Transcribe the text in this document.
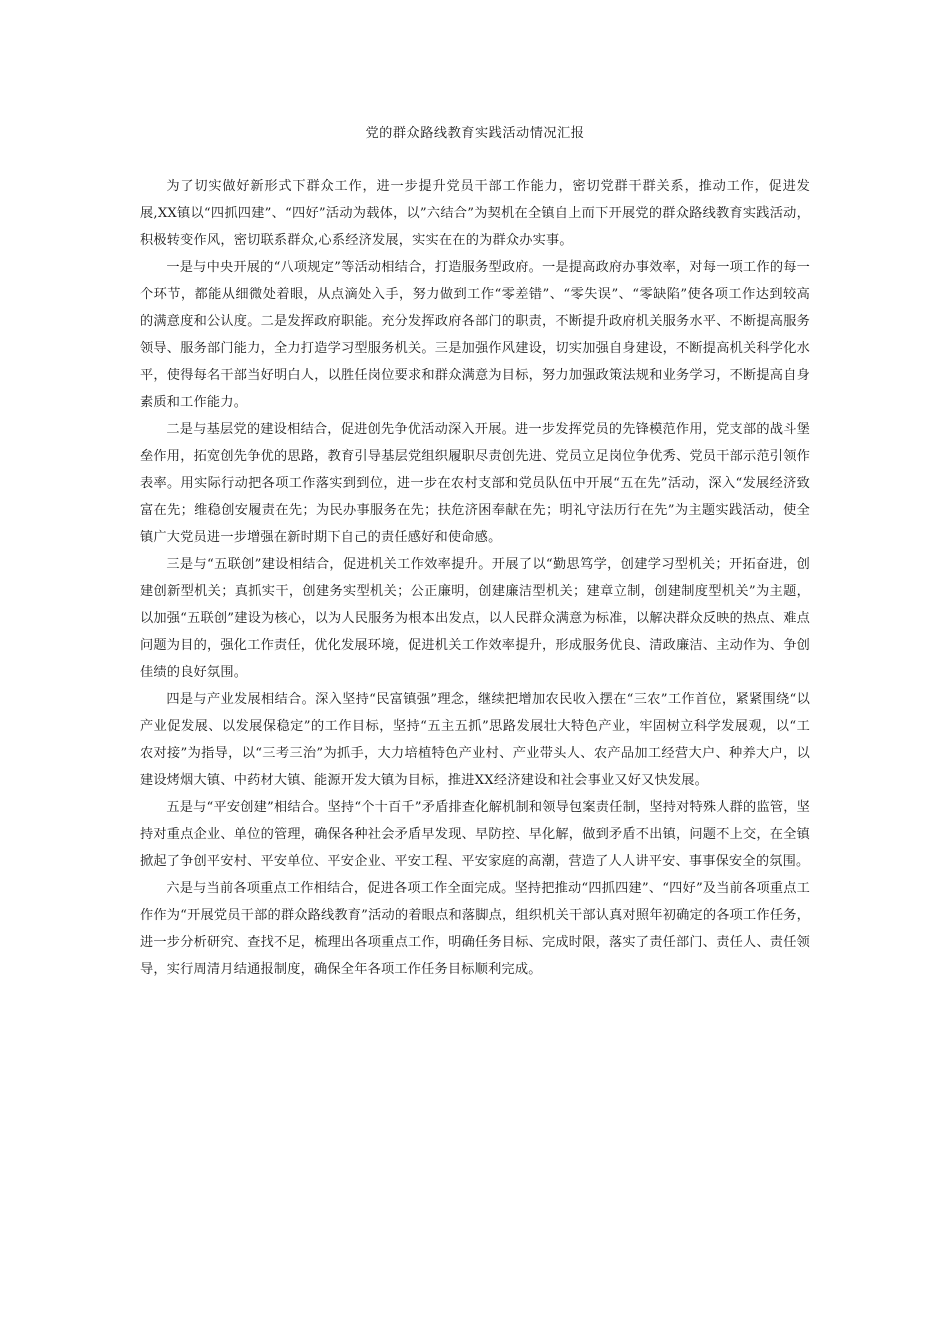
党的群众路线教育实践活动情况汇报

为了切实做好新形式下群众工作，进一步提升党员干部工作能力，密切党群干群关系，推动工作，促进发展,XX镇以“四抓四建”、“四好”活动为载体，以”六结合”为契机在全镇自上而下开展党的群众路线教育实践活动，积极转变作风，密切联系群众,心系经济发展，实实在在的为群众办实事。

一是与中央开展的“八项规定”等活动相结合，打造服务型政府。一是提高政府办事效率，对每一项工作的每一个环节，都能从细微处着眼，从点滴处入手，努力做到工作“零差错”、“零失误”、“零缺陷”使各项工作达到较高的满意度和公认度。二是发挥政府职能。充分发挥政府各部门的职责，不断提升政府机关服务水平、不断提高服务领导、服务部门能力，全力打造学习型服务机关。三是加强作风建设，切实加强自身建设，不断提高机关科学化水平，使得每名干部当好明白人，以胜任岗位要求和群众满意为目标，努力加强政策法规和业务学习，不断提高自身素质和工作能力。

二是与基层党的建设相结合，促进创先争优活动深入开展。进一步发挥党员的先锋模范作用，党支部的战斗堡垒作用，拓宽创先争优的思路，教育引导基层党组织履职尽责创先进、党员立足岗位争优秀、党员干部示范引领作表率。用实际行动把各项工作落实到到位，进一步在农村支部和党员队伍中开展“五在先”活动，深入“发展经济致富在先；维稳创安履责在先；为民办事服务在先；扶危济困奉献在先；明礼守法历行在先”为主题实践活动，使全镇广大党员进一步增强在新时期下自己的责任感好和使命感。

三是与“五联创”建设相结合，促进机关工作效率提升。开展了以“勤思笃学，创建学习型机关；开拓奋进，创建创新型机关；真抓实干，创建务实型机关；公正廉明，创建廉洁型机关；建章立制，创建制度型机关”为主题，以加强“五联创”建设为核心，以为人民服务为根本出发点，以人民群众满意为标准，以解决群众反映的热点、难点问题为目的，强化工作责任，优化发展环境，促进机关工作效率提升，形成服务优良、清政廉洁、主动作为、争创佳绩的良好氛围。

四是与产业发展相结合。深入坚持“民富镇强”理念，继续把增加农民收入摆在“三农”工作首位，紧紧围绕“以产业促发展、以发展保稳定”的工作目标，坚持“五主五抓”思路发展壮大特色产业，牢固树立科学发展观，以“工农对接”为指导，以“三考三治”为抓手，大力培植特色产业村、产业带头人、农产品加工经营大户、种养大户，以建设烤烟大镇、中药材大镇、能源开发大镇为目标，推进XX经济建设和社会事业又好又快发展。

五是与“平安创建”相结合。坚持“个十百千”矛盾排查化解机制和领导包案责任制，坚持对特殊人群的监管，坚持对重点企业、单位的管理，确保各种社会矛盾早发现、早防控、早化解，做到矛盾不出镇，问题不上交，在全镇掀起了争创平安村、平安单位、平安企业、平安工程、平安家庭的高潮，营造了人人讲平安、事事保安全的氛围。

六是与当前各项重点工作相结合，促进各项工作全面完成。坚持把推动“四抓四建”、“四好”及当前各项重点工作作为“开展党员干部的群众路线教育”活动的着眼点和落脚点，组织机关干部认真对照年初确定的各项工作任务，进一步分析研究、查找不足，梳理出各项重点工作，明确任务目标、完成时限，落实了责任部门、责任人、责任领导，实行周清月结通报制度，确保全年各项工作任务目标顺利完成。
